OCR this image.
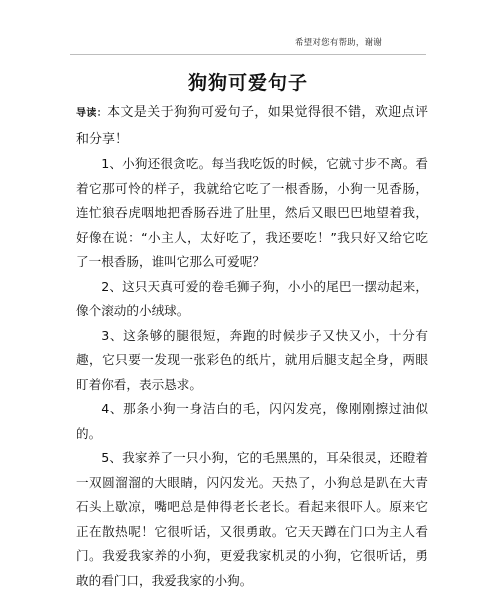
希望对您有帮助，谢谢
狗狗可爱句子

导读：本文是关于狗狗可爱句子，如果觉得很不错，欢迎点评和分享！

1、小狗还很贪吃。每当我吃饭的时候，它就寸步不离。看着它那可怜的样子，我就给它吃了一根香肠，小狗一见香肠，连忙狼吞虎咽地把香肠吞进了肚里，然后又眼巴巴地望着我，好像在说：“小主人，太好吃了，我还要吃！”我只好又给它吃了一根香肠，谁叫它那么可爱呢？

2、这只天真可爱的卷毛狮子狗，小小的尾巴一摆动起来，像个滚动的小绒球。

3、这条够的腿很短，奔跑的时候步子又快又小，十分有趣，它只要一发现一张彩色的纸片，就用后腿支起全身，两眼盯着你看，表示恳求。

4、那条小狗一身洁白的毛，闪闪发亮，像刚刚擦过油似的。

5、我家养了一只小狗，它的毛黑黑的，耳朵很灵，还瞪着一双圆溜溜的大眼睛，闪闪发光。天热了，小狗总是趴在大青石头上歇凉，嘴吧总是伸得老长老长。看起来很吓人。原来它正在散热呢！它很听话，又很勇敢。它天天蹲在门口为主人看门。我爱我家养的小狗，更爱我家机灵的小狗，它很听话，勇敢的看门口，我爱我家的小狗。
